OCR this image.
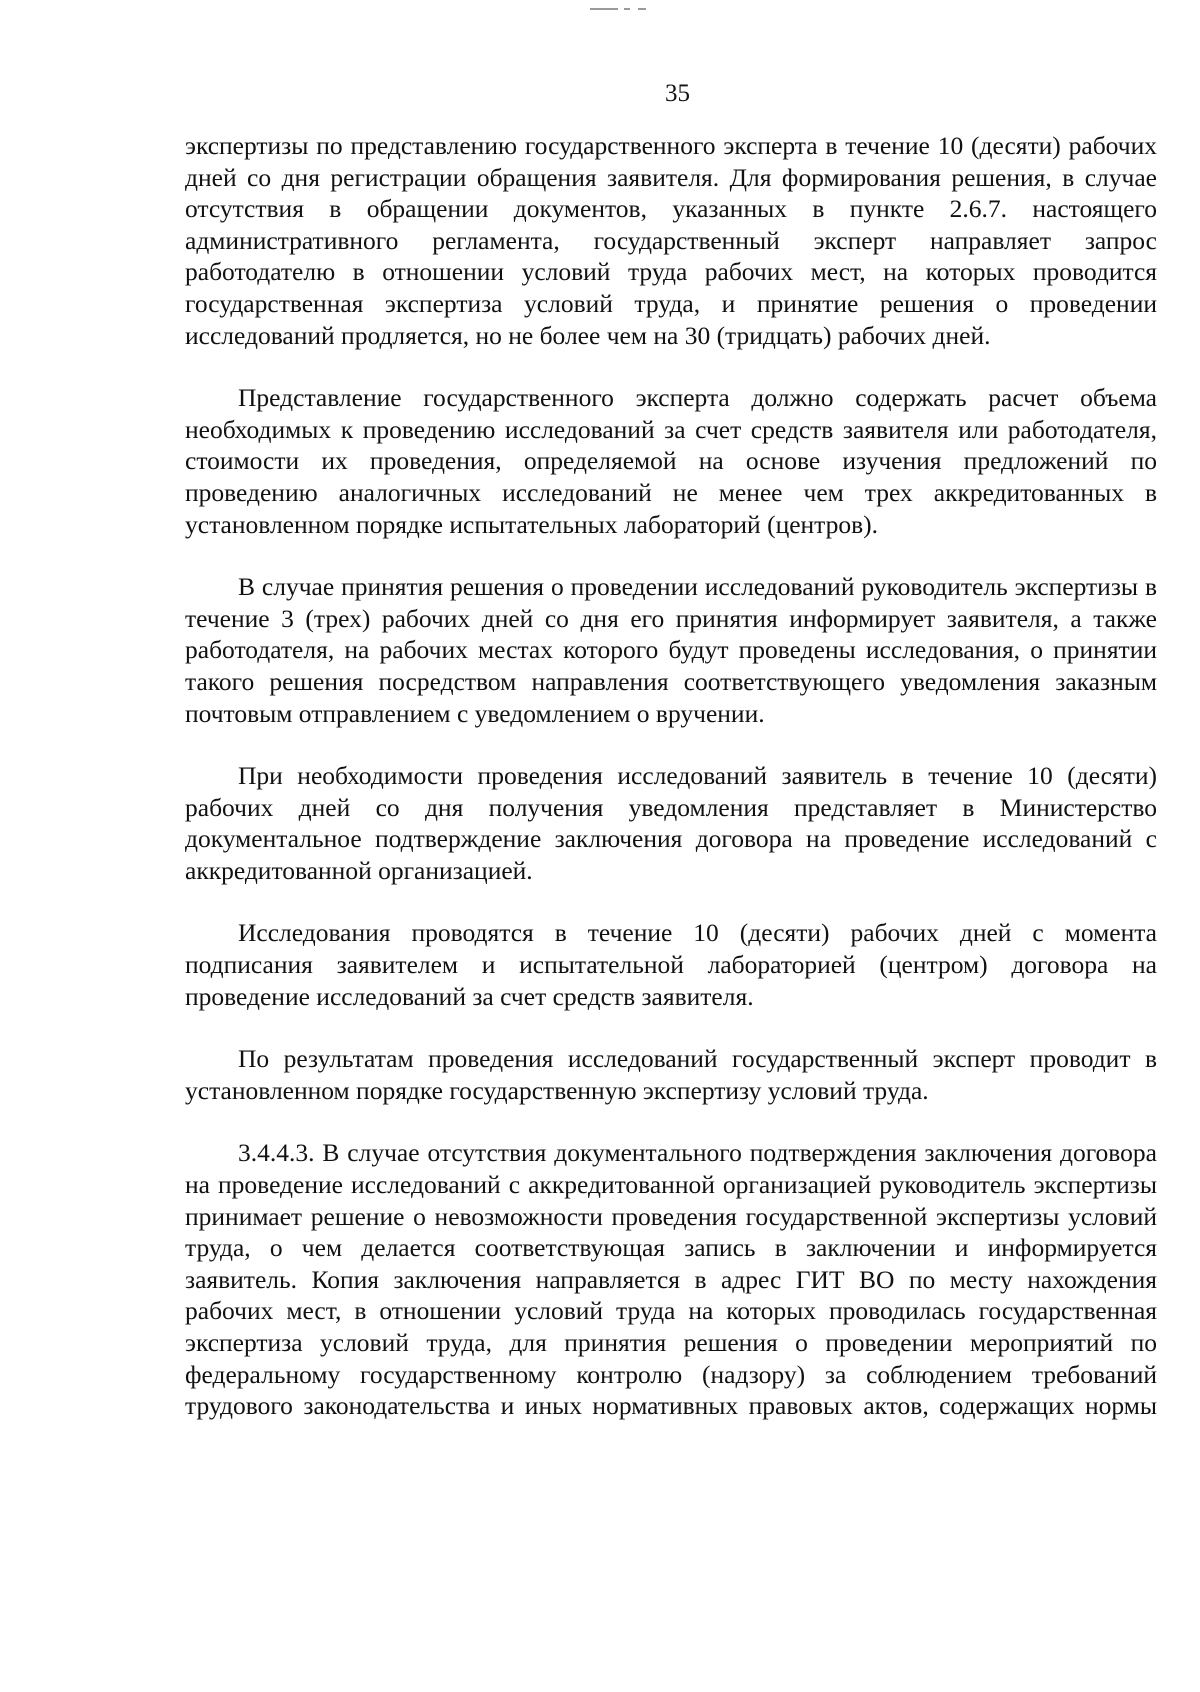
35

экспертизы по представлению государственного эксперта в течение 10 (десяти) рабочих дней со дня регистрации обращения заявителя. Для формирования решения, в случае отсутствия в обращении документов, указанных в пункте 2.6.7. настоящего административного регламента, государственный эксперт направляет запрос работодателю в отношении условий труда рабочих мест, на которых проводится государственная экспертиза условий труда, и принятие решения о проведении исследований продляется, но не более чем на 30 (тридцать) рабочих дней.

Представление государственного эксперта должно содержать расчет объема необходимых к проведению исследований за счет средств заявителя или работодателя, стоимости их проведения, определяемой на основе изучения предложений по проведению аналогичных исследований не менее чем трех аккредитованных в установленном порядке испытательных лабораторий (центров).

В случае принятия решения о проведении исследований руководитель экспертизы в течение 3 (трех) рабочих дней со дня его принятия информирует заявителя, а также работодателя, на рабочих местах которого будут проведены исследования, о принятии такого решения посредством направления соответствующего уведомления заказным почтовым отправлением с уведомлением о вручении.

При необходимости проведения исследований заявитель в течение 10 (десяти) рабочих дней со дня получения уведомления представляет в Министерство документальное подтверждение заключения договора на проведение исследований с аккредитованной организацией.

Исследования проводятся в течение 10 (десяти) рабочих дней с момента подписания заявителем и испытательной лабораторией (центром) договора на проведение исследований за счет средств заявителя.

По результатам проведения исследований государственный эксперт проводит в установленном порядке государственную экспертизу условий труда.

3.4.4.3. В случае отсутствия документального подтверждения заключения договора на проведение исследований с аккредитованной организацией руководитель экспертизы принимает решение о невозможности проведения государственной экспертизы условий труда, о чем делается соответствующая запись в заключении и информируется заявитель. Копия заключения направляется в адрес ГИТ ВО по месту нахождения рабочих мест, в отношении условий труда на которых проводилась государственная экспертиза условий труда, для принятия решения о проведении мероприятий по федеральному государственному контролю (надзору) за соблюдением требований трудового законодательства и иных нормативных правовых актов, содержащих нормы
